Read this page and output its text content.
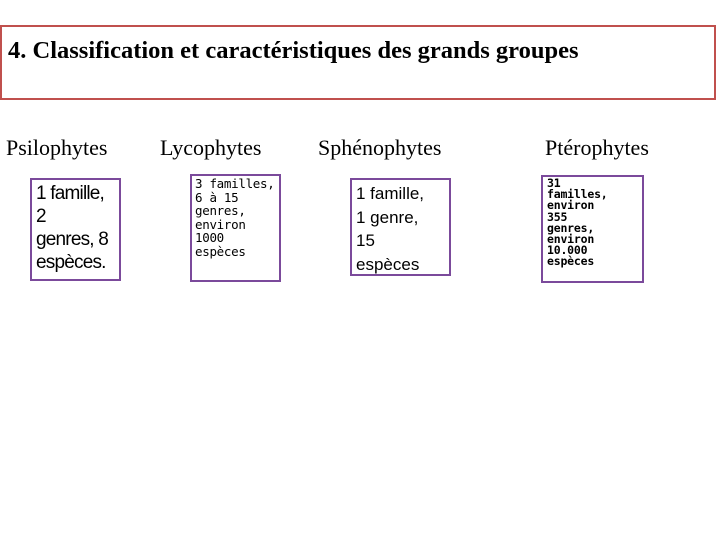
4. Classification et caractéristiques des grands groupes
Psilophytes Lycophytes	Sphénophytes	Ptérophytes
1 famille, 2
genres, 8
espèces.
3 familles,
6 à 15
genres,
environ
1000
espèces
1 famille,
1 genre,
15
espèces
31
familles,
environ
355
genres,
environ
10.000
espèces
